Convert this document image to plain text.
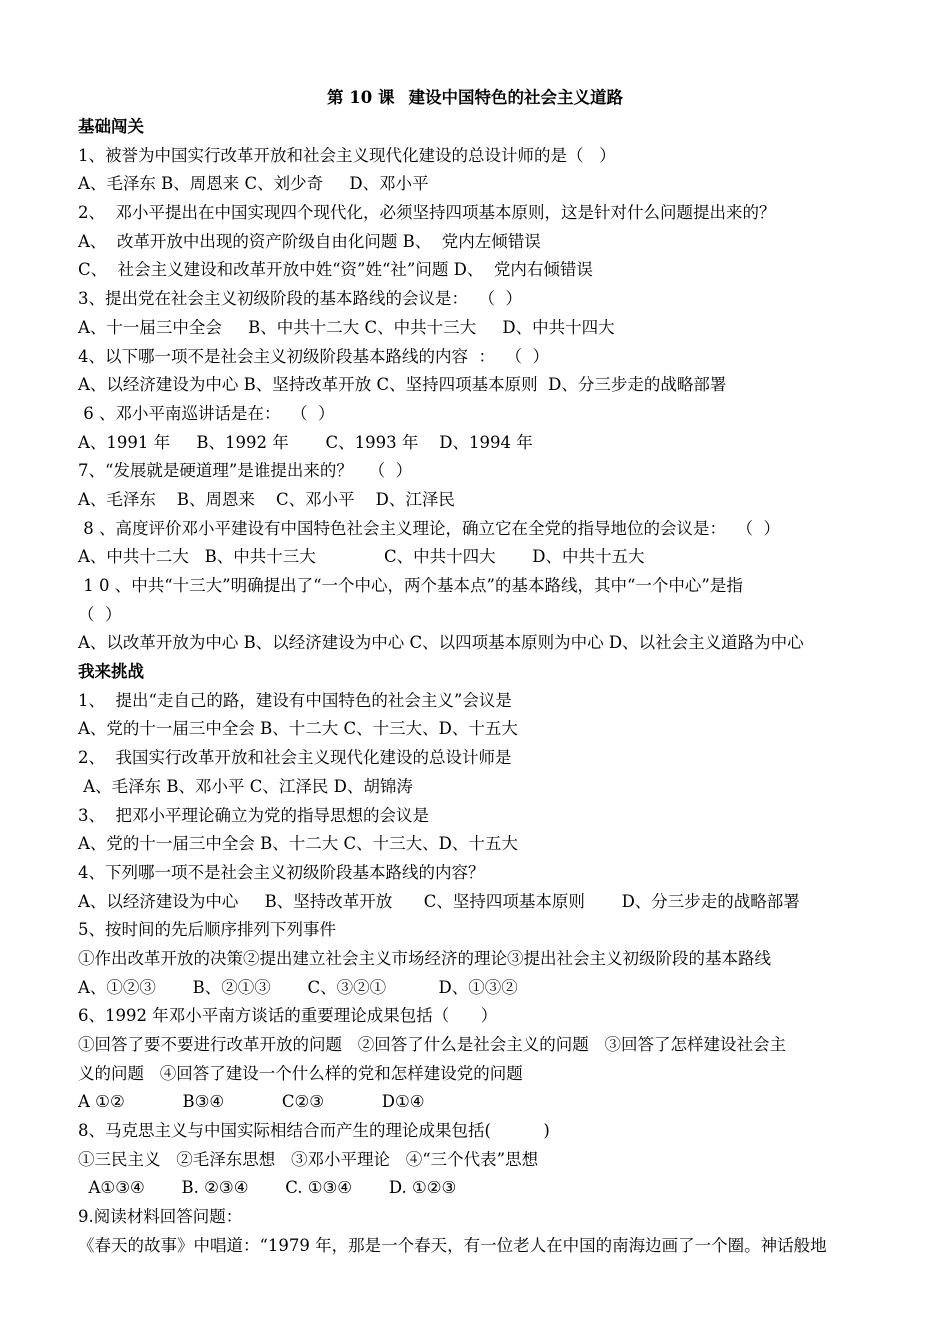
第 10 课 建设中国特色的社会主义道路
基础闯关
1、被誉为中国实行改革开放和社会主义现代化建设的总设计师的是（   ）
A、毛泽东 B、周恩来 C、刘少奇     D、邓小平
2、  邓小平提出在中国实现四个现代化，必须坚持四项基本原则，这是针对什么问题提出来的？
A、  改革开放中出现的资产阶级自由化问题 B、  党内左倾错误
C、  社会主义建设和改革开放中姓“资”姓“社”问题 D、  党内右倾错误
3、提出党在社会主义初级阶段的基本路线的会议是：  （  ）
A、十一届三中全会     B、中共十二大 C、中共十三大     D、中共十四大
4、以下哪一项不是社会主义初级阶段基本路线的内容  ：  （  ）
A、以经济建设为中心 B、坚持改革开放 C、坚持四项基本原则  D、分三步走的战略部署
6 、邓小平南巡讲话是在：  （  ）
A、1991 年     B、1992 年       C、1993 年    D、1994 年
7、“发展就是硬道理”是谁提出来的？   （  ）
A、毛泽东    B、周恩来    C、邓小平    D、江泽民
8 、高度评价邓小平建设有中国特色社会主义理论，确立它在全党的指导地位的会议是：  （  ）
A、中共十二大   B、中共十三大             C、中共十四大       D、中共十五大
1 0 、中共“十三大”明确提出了“一个中心，两个基本点”的基本路线，其中“一个中心”是指
（  ）
A、以改革开放为中心 B、以经济建设为中心 C、以四项基本原则为中心 D、以社会主义道路为中心
我来挑战
1、  提出“走自己的路，建设有中国特色的社会主义”会议是
A、党的十一届三中全会 B、十二大 C、十三大、D、十五大
2、  我国实行改革开放和社会主义现代化建设的总设计师是
A、毛泽东 B、邓小平 C、江泽民 D、胡锦涛
3、  把邓小平理论确立为党的指导思想的会议是
A、党的十一届三中全会 B、十二大 C、十三大、D、十五大
4、下列哪一项不是社会主义初级阶段基本路线的内容？
A、以经济建设为中心     B、坚持改革开放      C、坚持四项基本原则       D、分三步走的战略部署
5、按时间的先后顺序排列下列事件
①作出改革开放的决策②提出建立社会主义市场经济的理论③提出社会主义初级阶段的基本路线
A、①②③       B、②①③       C、③②①          D、①③②
6、1992 年邓小平南方谈话的重要理论成果包括（      ）
①回答了要不要进行改革开放的问题   ②回答了什么是社会主义的问题   ③回答了怎样建设社会主
义的问题   ④回答了建设一个什么样的党和怎样建设党的问题
A ①②           B③④           C②③           D①④
8、马克思主义与中国实际相结合而产生的理论成果包括(          )
①三民主义   ②毛泽东思想   ③邓小平理论   ④“三个代表”思想
A①③④       B. ②③④       C. ①③④       D. ①②③
9.阅读材料回答问题：
《春天的故事》中唱道：“1979 年，那是一个春天，有一位老人在中国的南海边画了一个圈。神话般地
